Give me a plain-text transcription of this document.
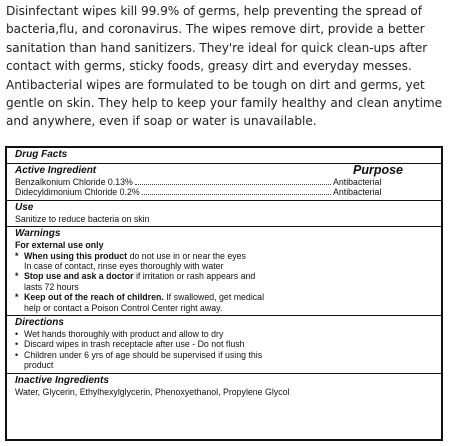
Disinfectant wipes kill 99.9% of germs, help preventing the spread of bacteria,flu, and coronavirus. The wipes remove dirt, provide a better sanitation than hand sanitizers. They're ideal for quick clean-ups after contact with germs, sticky foods, greasy dirt and everyday messes. Antibacterial wipes are formulated to be tough on dirt and germs, yet gentle on skin. They help to keep your family healthy and clean anytime and anywhere, even if soap or water is unavailable.

Drug Facts
Active Ingredient	Purpose
Benzalkonium Chloride 0.13%	Antibacterial
Didecyldimonium Chloride 0.2%	Antibacterial
Use
Sanitize to reduce bacteria on skin
Warnings
For external use only
* When using this product do not use in or near the eyes
In case of contact, rinse eyes thoroughly with water
* Stop use and ask a doctor if irritation or rash appears and
lasts 72 hours
* Keep out of the reach of children. If swallowed, get medical
help or contact a Poison Control Center right away.
Directions
• Wet hands thoroughly with product and allow to dry
• Discard wipes in trash receptacle after use - Do not flush
• Children under 6 yrs of age should be supervised if using this product
Inactive Ingredients
Water, Glycerin, Ethylhexylglycerin, Phenoxyethanol, Propylene Glycol
